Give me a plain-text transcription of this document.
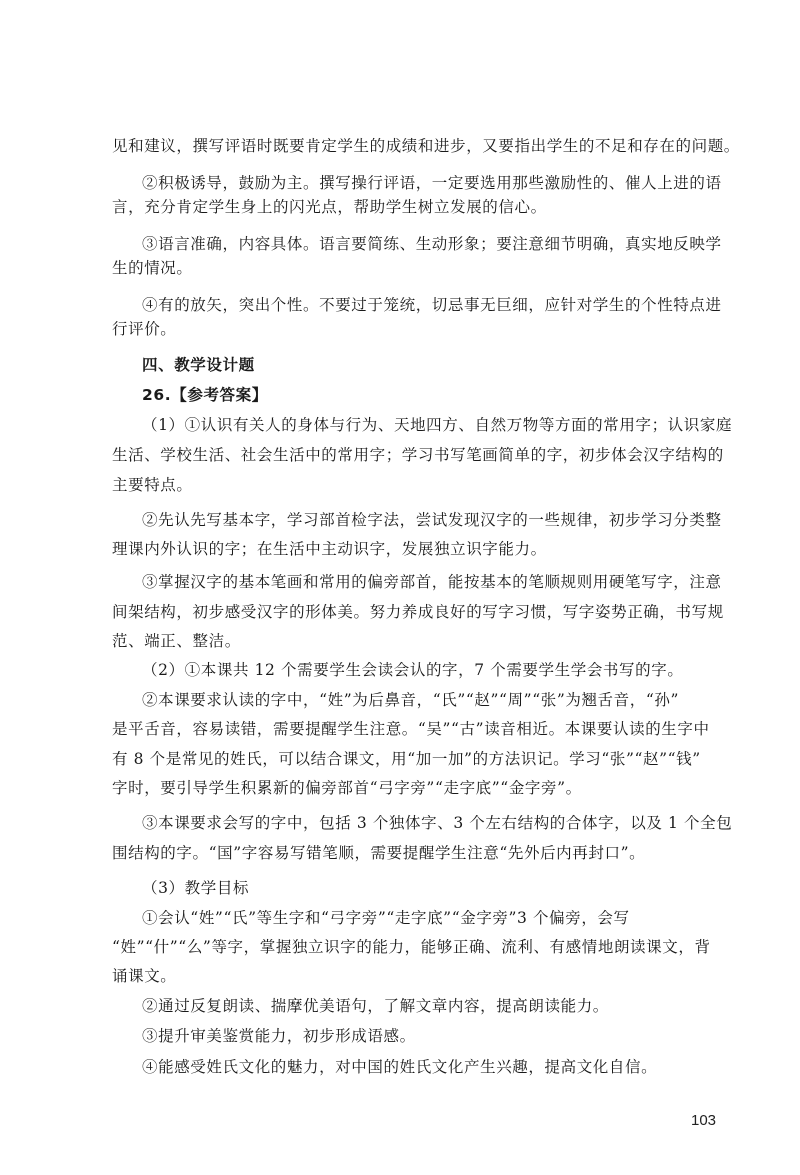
见和建议，撰写评语时既要肯定学生的成绩和进步，又要指出学生的不足和存在的问题。
②积极诱导，鼓励为主。撰写操行评语，一定要选用那些激励性的、催人上进的语
言，充分肯定学生身上的闪光点，帮助学生树立发展的信心。
③语言准确，内容具体。语言要简练、生动形象；要注意细节明确，真实地反映学
生的情况。
④有的放矢，突出个性。不要过于笼统，切忌事无巨细，应针对学生的个性特点进
行评价。
四、教学设计题
26.【参考答案】
（1）①认识有关人的身体与行为、天地四方、自然万物等方面的常用字；认识家庭
生活、学校生活、社会生活中的常用字；学习书写笔画简单的字，初步体会汉字结构的
主要特点。
②先认先写基本字，学习部首检字法，尝试发现汉字的一些规律，初步学习分类整
理课内外认识的字；在生活中主动识字，发展独立识字能力。
③掌握汉字的基本笔画和常用的偏旁部首，能按基本的笔顺规则用硬笔写字，注意
间架结构，初步感受汉字的形体美。努力养成良好的写字习惯，写字姿势正确，书写规
范、端正、整洁。
（2）①本课共 12 个需要学生会读会认的字，7 个需要学生学会书写的字。
②本课要求认读的字中，“姓”为后鼻音，“氏”“赵”“周”“张”为翘舌音，“孙”
是平舌音，容易读错，需要提醒学生注意。“吴”“古”读音相近。本课要认读的生字中
有 8 个是常见的姓氏，可以结合课文，用“加一加”的方法识记。学习“张”“赵”“钱”
字时，要引导学生积累新的偏旁部首“弓字旁”“走字底”“金字旁”。
③本课要求会写的字中，包括 3 个独体字、3 个左右结构的合体字，以及 1 个全包
围结构的字。“国”字容易写错笔顺，需要提醒学生注意“先外后内再封口”。
（3）教学目标
①会认“姓”“氏”等生字和“弓字旁”“走字底”“金字旁”3 个偏旁，会写
“姓”“什”“么”等字，掌握独立识字的能力，能够正确、流利、有感情地朗读课文，背
诵课文。
②通过反复朗读、揣摩优美语句，了解文章内容，提高朗读能力。
③提升审美鉴赏能力，初步形成语感。
④能感受姓氏文化的魅力，对中国的姓氏文化产生兴趣，提高文化自信。
103
